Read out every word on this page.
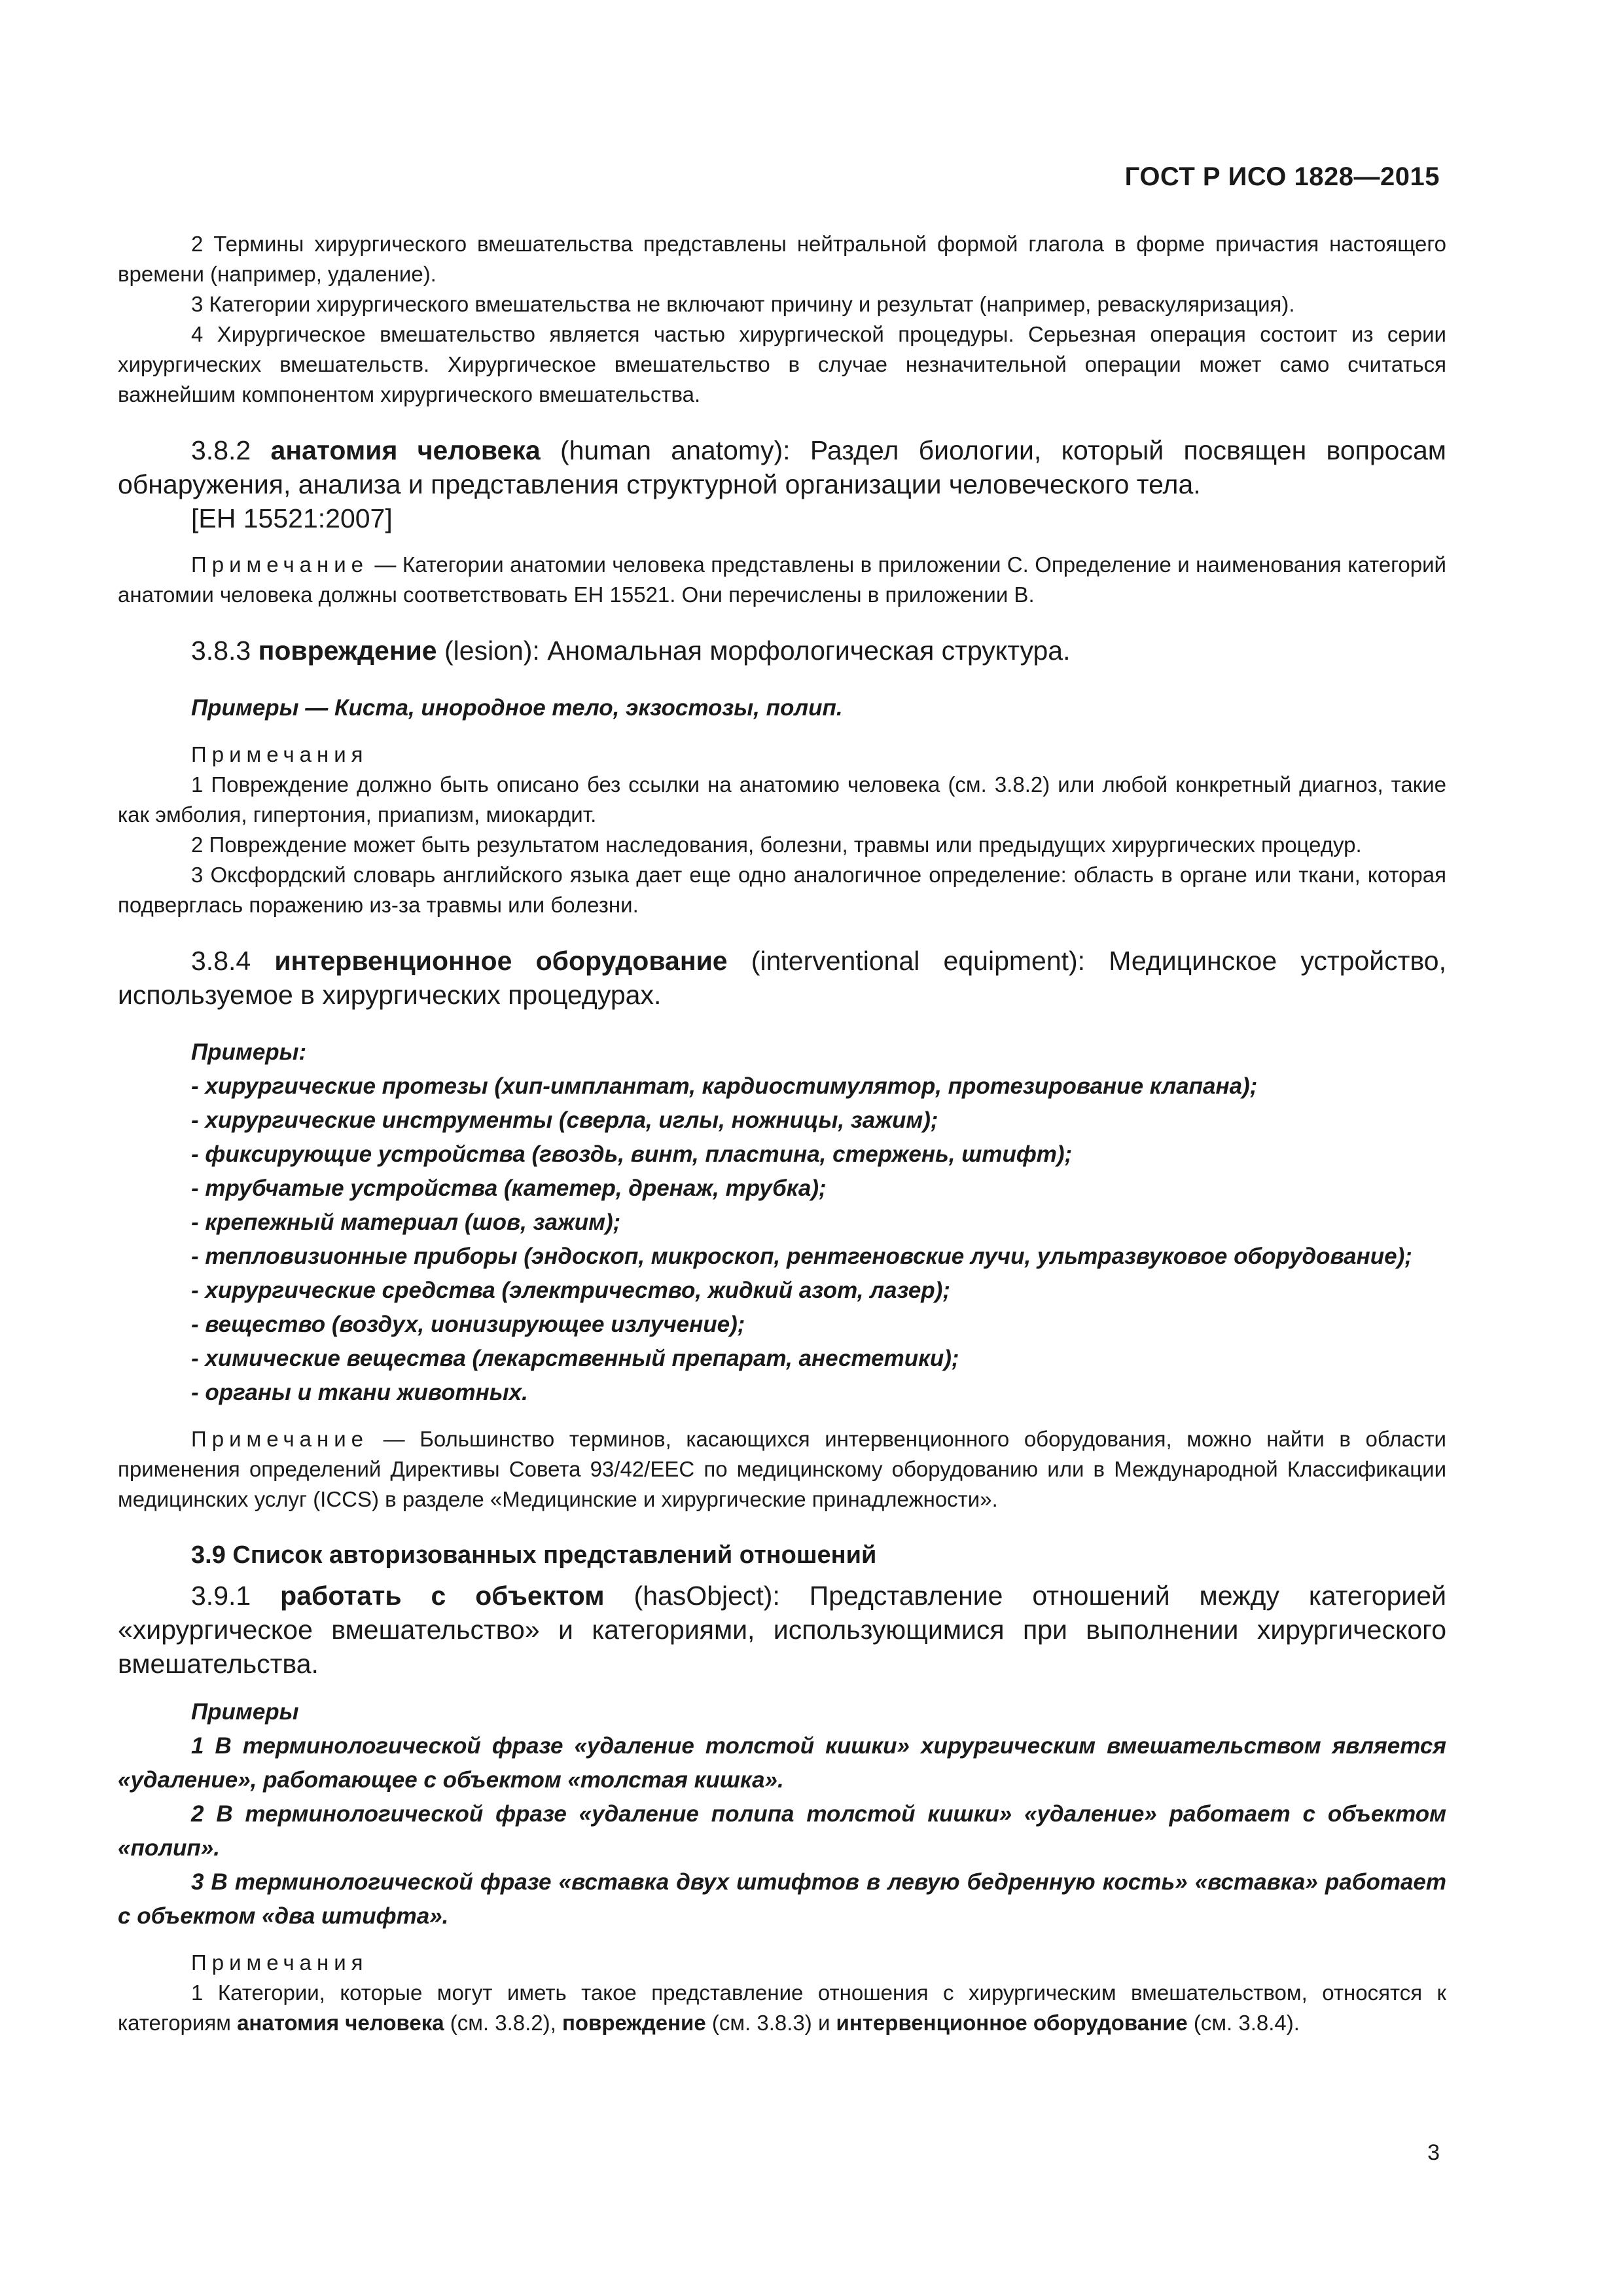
ГОСТ Р ИСО 1828—2015

2 Термины хирургического вмешательства представлены нейтральной формой глагола в форме причастия настоящего времени (например, удаление).

3 Категории хирургического вмешательства не включают причину и результат (например, реваскуляризация).

4 Хирургическое вмешательство является частью хирургической процедуры. Серьезная операция состоит из серии хирургических вмешательств. Хирургическое вмешательство в случае незначительной операции может само считаться важнейшим компонентом хирургического вмешательства.

3.8.2 анатомия человека (human anatomy): Раздел биологии, который посвящен вопросам обнаружения, анализа и представления структурной организации человеческого тела.

[ЕН 15521:2007]

Примечание — Категории анатомии человека представлены в приложении С. Определение и наименования категорий анатомии человека должны соответствовать ЕН 15521. Они перечислены в приложении В.

3.8.3 повреждение (lesion): Аномальная морфологическая структура.

Примеры — Киста, инородное тело, экзостозы, полип.

Примечания

1 Повреждение должно быть описано без ссылки на анатомию человека (см. 3.8.2) или любой конкретный диагноз, такие как эмболия, гипертония, приапизм, миокардит.

2 Повреждение может быть результатом наследования, болезни, травмы или предыдущих хирургических процедур.

3 Оксфордский словарь английского языка дает еще одно аналогичное определение: область в органе или ткани, которая подверглась поражению из-за травмы или болезни.

3.8.4 интервенционное оборудование (interventional equipment): Медицинское устройство, используемое в хирургических процедурах.

Примеры:

- хирургические протезы (хип-имплантат, кардиостимулятор, протезирование клапана);

- хирургические инструменты (сверла, иглы, ножницы, зажим);

- фиксирующие устройства (гвоздь, винт, пластина, стержень, штифт);

- трубчатые устройства (катетер, дренаж, трубка);

- крепежный материал (шов, зажим);

- тепловизионные приборы (эндоскоп, микроскоп, рентгеновские лучи, ультразвуковое оборудование);

- хирургические средства (электричество, жидкий азот, лазер);

- вещество (воздух, ионизирующее излучение);

- химические вещества (лекарственный препарат, анестетики);

- органы и ткани животных.

Примечание — Большинство терминов, касающихся интервенционного оборудования, можно найти в области применения определений Директивы Совета 93/42/ЕЕС по медицинскому оборудованию или в Международной Классификации медицинских услуг (ICCS) в разделе «Медицинские и хирургические принадлежности».

3.9 Список авторизованных представлений отношений

3.9.1 работать с объектом (hasObject): Представление отношений между категорией «хирургическое вмешательство» и категориями, использующимися при выполнении хирургического вмешательства.

Примеры

1 В терминологической фразе «удаление толстой кишки» хирургическим вмешательством является «удаление», работающее с объектом «толстая кишка».

2 В терминологической фразе «удаление полипа толстой кишки» «удаление» работает с объектом «полип».

3 В терминологической фразе «вставка двух штифтов в левую бедренную кость» «вставка» работает с объектом «два штифта».

Примечания

1 Категории, которые могут иметь такое представление отношения с хирургическим вмешательством, относятся к категориям анатомия человека (см. 3.8.2), повреждение (см. 3.8.3) и интервенционное оборудование (см. 3.8.4).

3
